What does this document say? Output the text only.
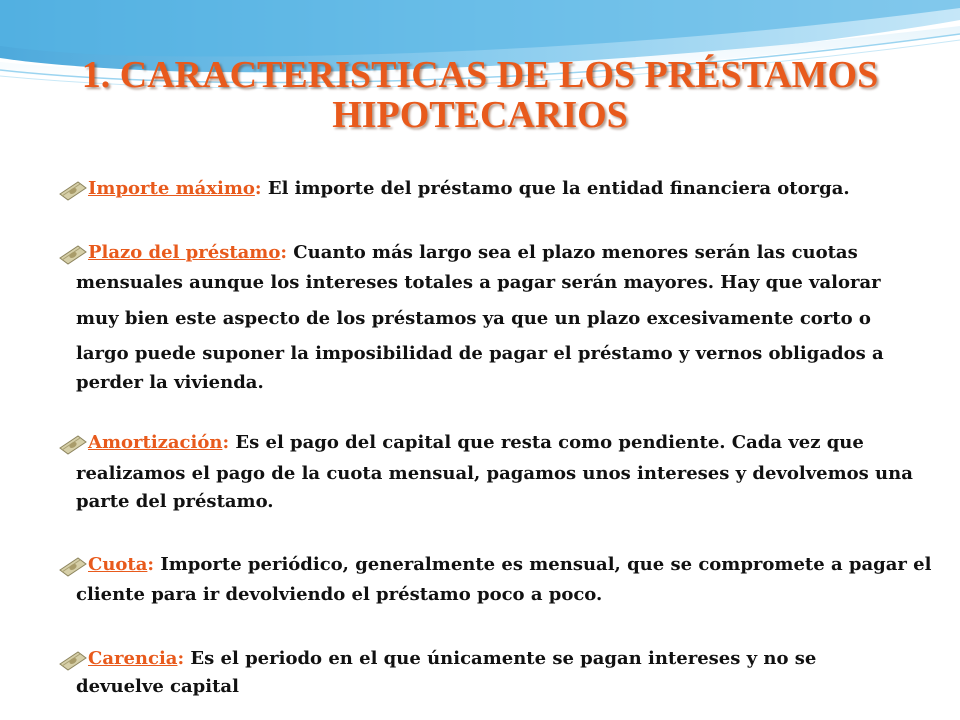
1. CARACTERISTICAS DE LOS PRÉSTAMOS
HIPOTECARIOS
Importe máximo: El importe del préstamo que la entidad financiera otorga.
Plazo del préstamo: Cuanto más largo sea el plazo menores serán las cuotas
mensuales aunque los intereses totales a pagar serán mayores. Hay que valorar
muy bien este aspecto de los préstamos ya que un plazo excesivamente corto o
largo puede suponer la imposibilidad de pagar el préstamo y vernos obligados a
perder la vivienda.
Amortización: Es el pago del capital que resta como pendiente. Cada vez que
realizamos el pago de la cuota mensual, pagamos unos intereses y devolvemos una
parte del préstamo.
Cuota: Importe periódico, generalmente es mensual, que se compromete a pagar el
cliente para ir devolviendo el préstamo poco a poco.
Carencia: Es el periodo en el que únicamente se pagan intereses y no se
devuelve capital
